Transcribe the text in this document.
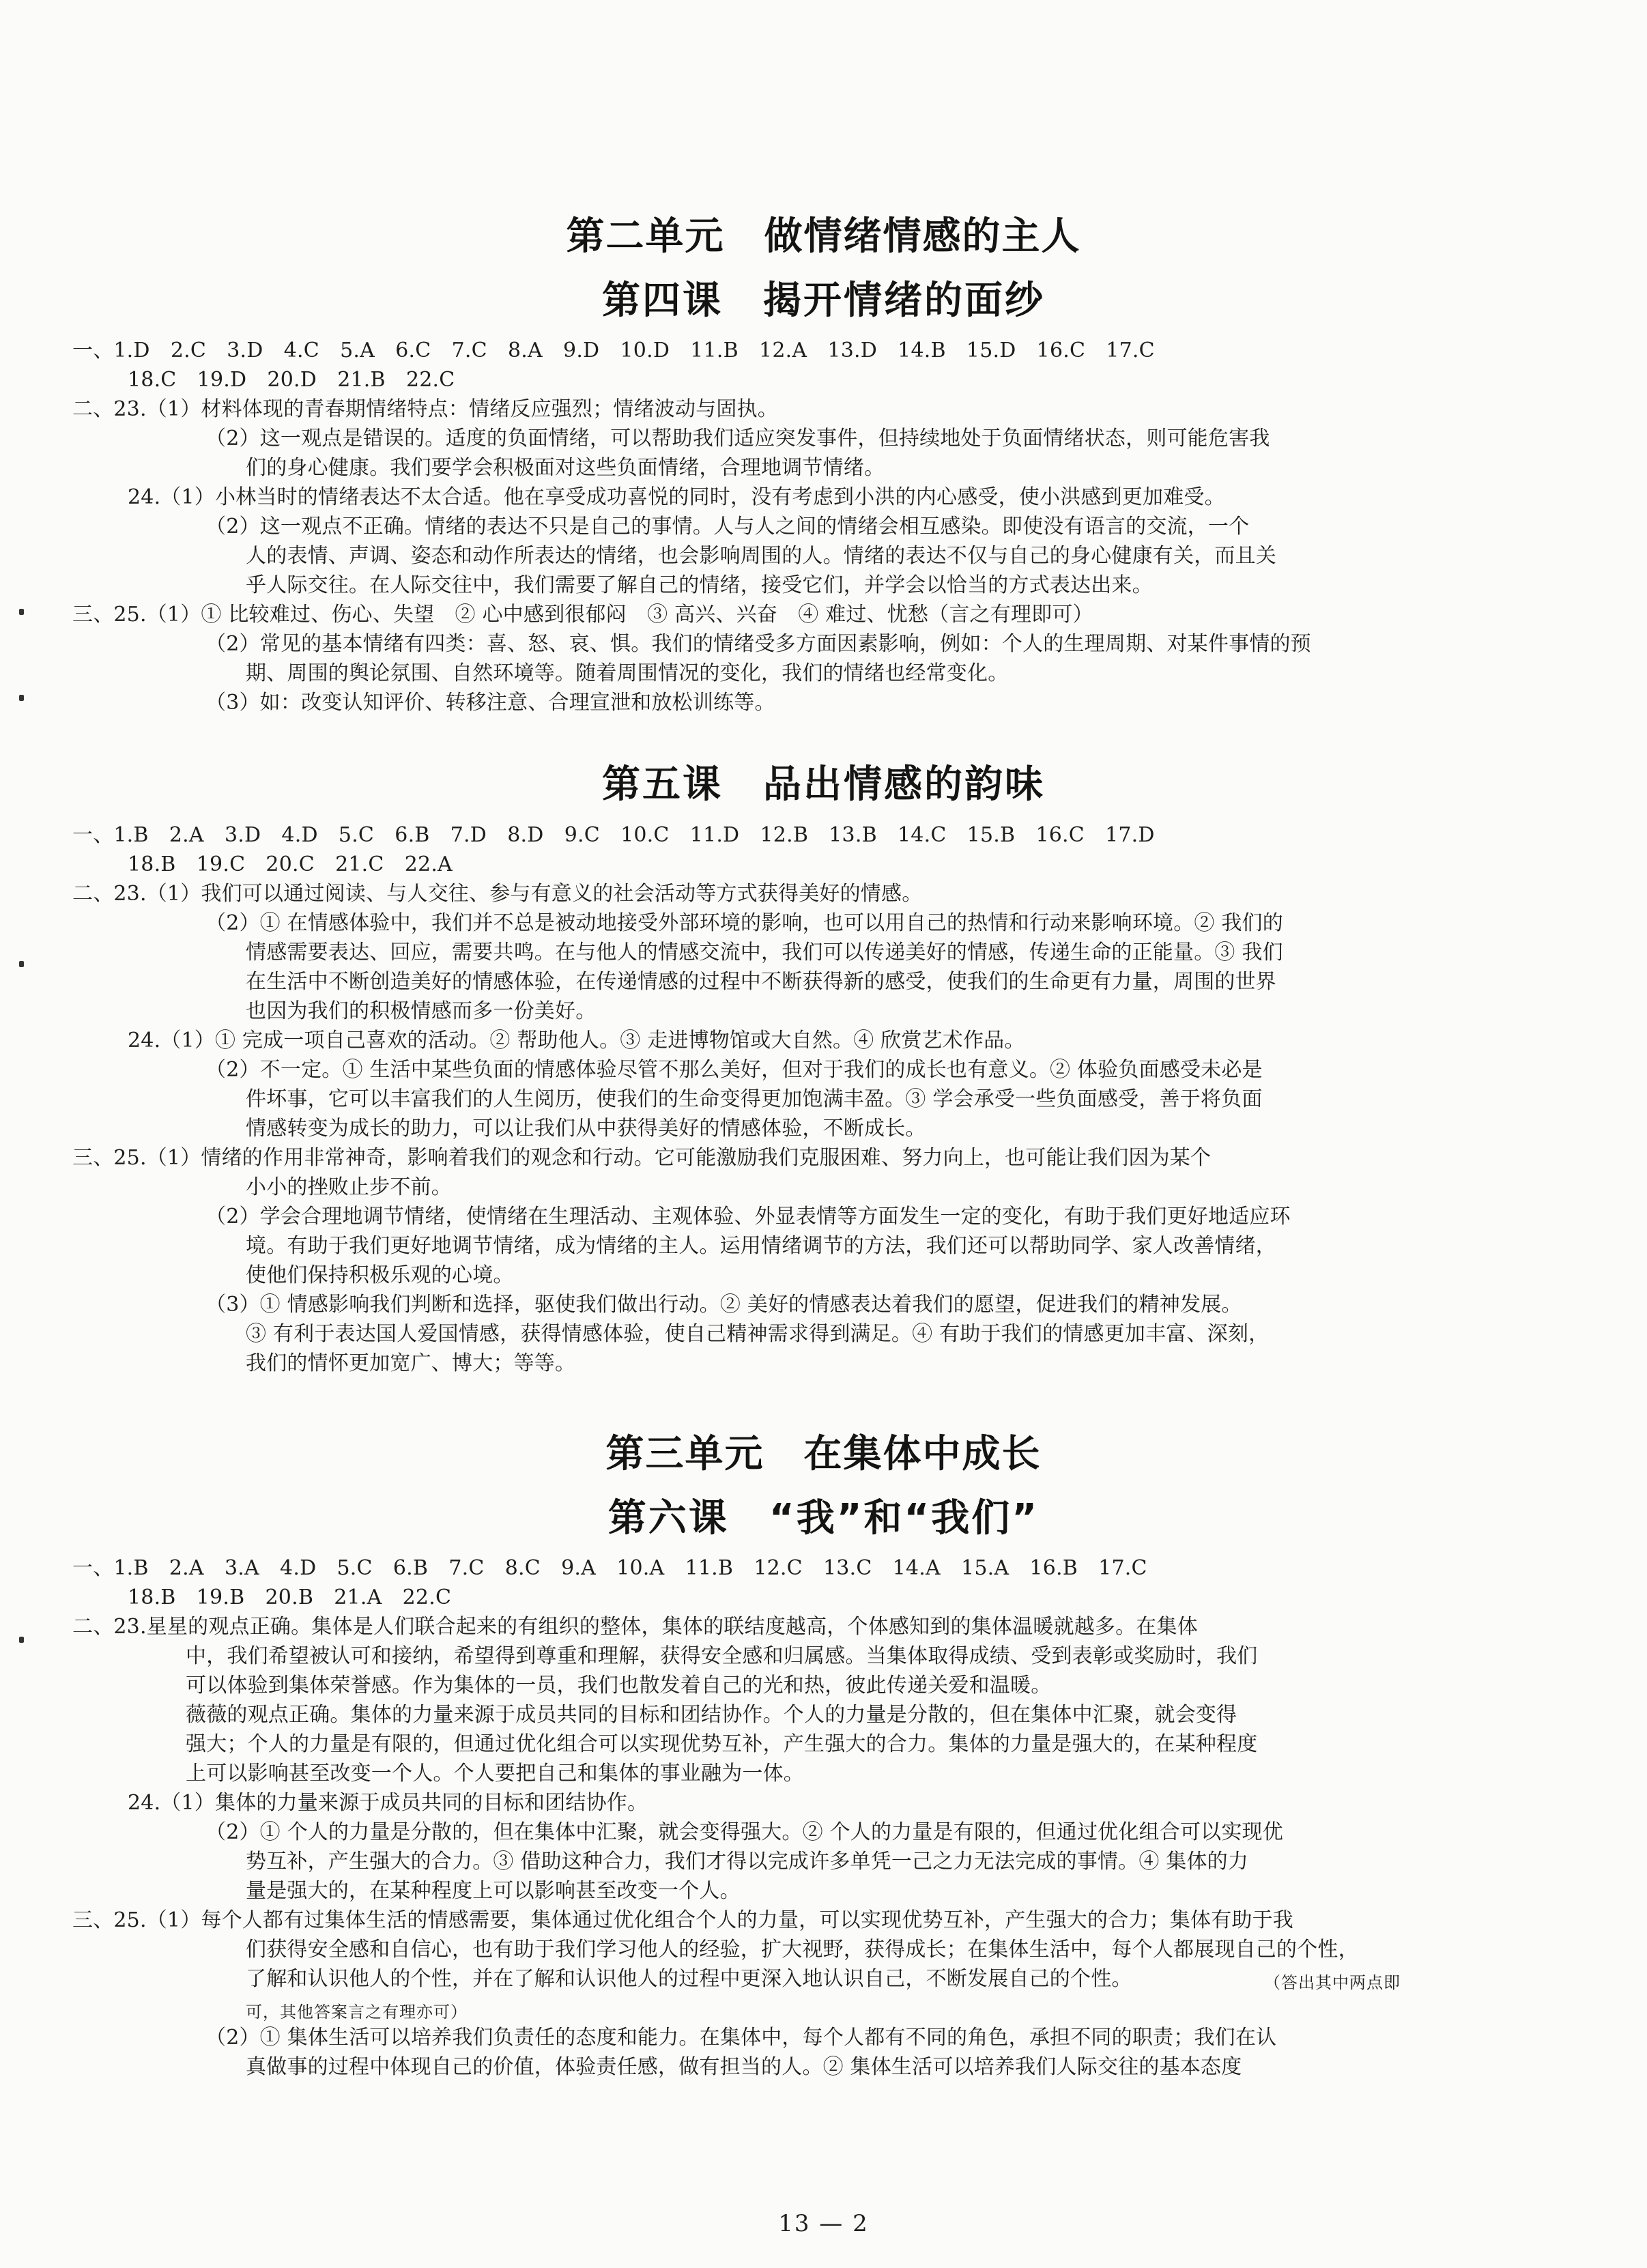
第二单元　做情绪情感的主人
第四课　揭开情绪的面纱
一、1.D　2.C　3.D　4.C　5.A　6.C　7.C　8.A　9.D　10.D　11.B　12.A　13.D　14.B　15.D　16.C　17.C
18.C　19.D　20.D　21.B　22.C
二、23.（1）材料体现的青春期情绪特点：情绪反应强烈；情绪波动与固执。
（2）这一观点是错误的。适度的负面情绪，可以帮助我们适应突发事件，但持续地处于负面情绪状态，则可能危害我
们的身心健康。我们要学会积极面对这些负面情绪，合理地调节情绪。
24.（1）小林当时的情绪表达不太合适。他在享受成功喜悦的同时，没有考虑到小洪的内心感受，使小洪感到更加难受。
（2）这一观点不正确。情绪的表达不只是自己的事情。人与人之间的情绪会相互感染。即使没有语言的交流，一个
人的表情、声调、姿态和动作所表达的情绪，也会影响周围的人。情绪的表达不仅与自己的身心健康有关，而且关
乎人际交往。在人际交往中，我们需要了解自己的情绪，接受它们，并学会以恰当的方式表达出来。
三、25.（1）① 比较难过、伤心、失望　② 心中感到很郁闷　③ 高兴、兴奋　④ 难过、忧愁（言之有理即可）
（2）常见的基本情绪有四类：喜、怒、哀、惧。我们的情绪受多方面因素影响，例如：个人的生理周期、对某件事情的预
期、周围的舆论氛围、自然环境等。随着周围情况的变化，我们的情绪也经常变化。
（3）如：改变认知评价、转移注意、合理宣泄和放松训练等。
第五课　品出情感的韵味
一、1.B　2.A　3.D　4.D　5.C　6.B　7.D　8.D　9.C　10.C　11.D　12.B　13.B　14.C　15.B　16.C　17.D
18.B　19.C　20.C　21.C　22.A
二、23.（1）我们可以通过阅读、与人交往、参与有意义的社会活动等方式获得美好的情感。
（2）① 在情感体验中，我们并不总是被动地接受外部环境的影响，也可以用自己的热情和行动来影响环境。② 我们的
情感需要表达、回应，需要共鸣。在与他人的情感交流中，我们可以传递美好的情感，传递生命的正能量。③ 我们
在生活中不断创造美好的情感体验，在传递情感的过程中不断获得新的感受，使我们的生命更有力量，周围的世界
也因为我们的积极情感而多一份美好。
24.（1）① 完成一项自己喜欢的活动。② 帮助他人。③ 走进博物馆或大自然。④ 欣赏艺术作品。
（2）不一定。① 生活中某些负面的情感体验尽管不那么美好，但对于我们的成长也有意义。② 体验负面感受未必是
件坏事，它可以丰富我们的人生阅历，使我们的生命变得更加饱满丰盈。③ 学会承受一些负面感受，善于将负面
情感转变为成长的助力，可以让我们从中获得美好的情感体验，不断成长。
三、25.（1）情绪的作用非常神奇，影响着我们的观念和行动。它可能激励我们克服困难、努力向上，也可能让我们因为某个
小小的挫败止步不前。
（2）学会合理地调节情绪，使情绪在生理活动、主观体验、外显表情等方面发生一定的变化，有助于我们更好地适应环
境。有助于我们更好地调节情绪，成为情绪的主人。运用情绪调节的方法，我们还可以帮助同学、家人改善情绪，
使他们保持积极乐观的心境。
（3）① 情感影响我们判断和选择，驱使我们做出行动。② 美好的情感表达着我们的愿望，促进我们的精神发展。
③ 有利于表达国人爱国情感，获得情感体验，使自己精神需求得到满足。④ 有助于我们的情感更加丰富、深刻，
我们的情怀更加宽广、博大；等等。
第三单元　在集体中成长
第六课　“我”和“我们”
一、1.B　2.A　3.A　4.D　5.C　6.B　7.C　8.C　9.A　10.A　11.B　12.C　13.C　14.A　15.A　16.B　17.C
18.B　19.B　20.B　21.A　22.C
二、23.星星的观点正确。集体是人们联合起来的有组织的整体，集体的联结度越高，个体感知到的集体温暖就越多。在集体
中，我们希望被认可和接纳，希望得到尊重和理解，获得安全感和归属感。当集体取得成绩、受到表彰或奖励时，我们
可以体验到集体荣誉感。作为集体的一员，我们也散发着自己的光和热，彼此传递关爱和温暖。
薇薇的观点正确。集体的力量来源于成员共同的目标和团结协作。个人的力量是分散的，但在集体中汇聚，就会变得
强大；个人的力量是有限的，但通过优化组合可以实现优势互补，产生强大的合力。集体的力量是强大的，在某种程度
上可以影响甚至改变一个人。个人要把自己和集体的事业融为一体。
24.（1）集体的力量来源于成员共同的目标和团结协作。
（2）① 个人的力量是分散的，但在集体中汇聚，就会变得强大。② 个人的力量是有限的，但通过优化组合可以实现优
势互补，产生强大的合力。③ 借助这种合力，我们才得以完成许多单凭一己之力无法完成的事情。④ 集体的力
量是强大的，在某种程度上可以影响甚至改变一个人。
三、25.（1）每个人都有过集体生活的情感需要，集体通过优化组合个人的力量，可以实现优势互补，产生强大的合力；集体有助于我
们获得安全感和自信心，也有助于我们学习他人的经验，扩大视野，获得成长；在集体生活中，每个人都展现自己的个性，
了解和认识他人的个性，并在了解和认识他人的过程中更深入地认识自己，不断发展自己的个性。	（答出其中两点即
可，其他答案言之有理亦可）
（2）① 集体生活可以培养我们负责任的态度和能力。在集体中，每个人都有不同的角色，承担不同的职责；我们在认
真做事的过程中体现自己的价值，体验责任感，做有担当的人。② 集体生活可以培养我们人际交往的基本态度
13 — 2
